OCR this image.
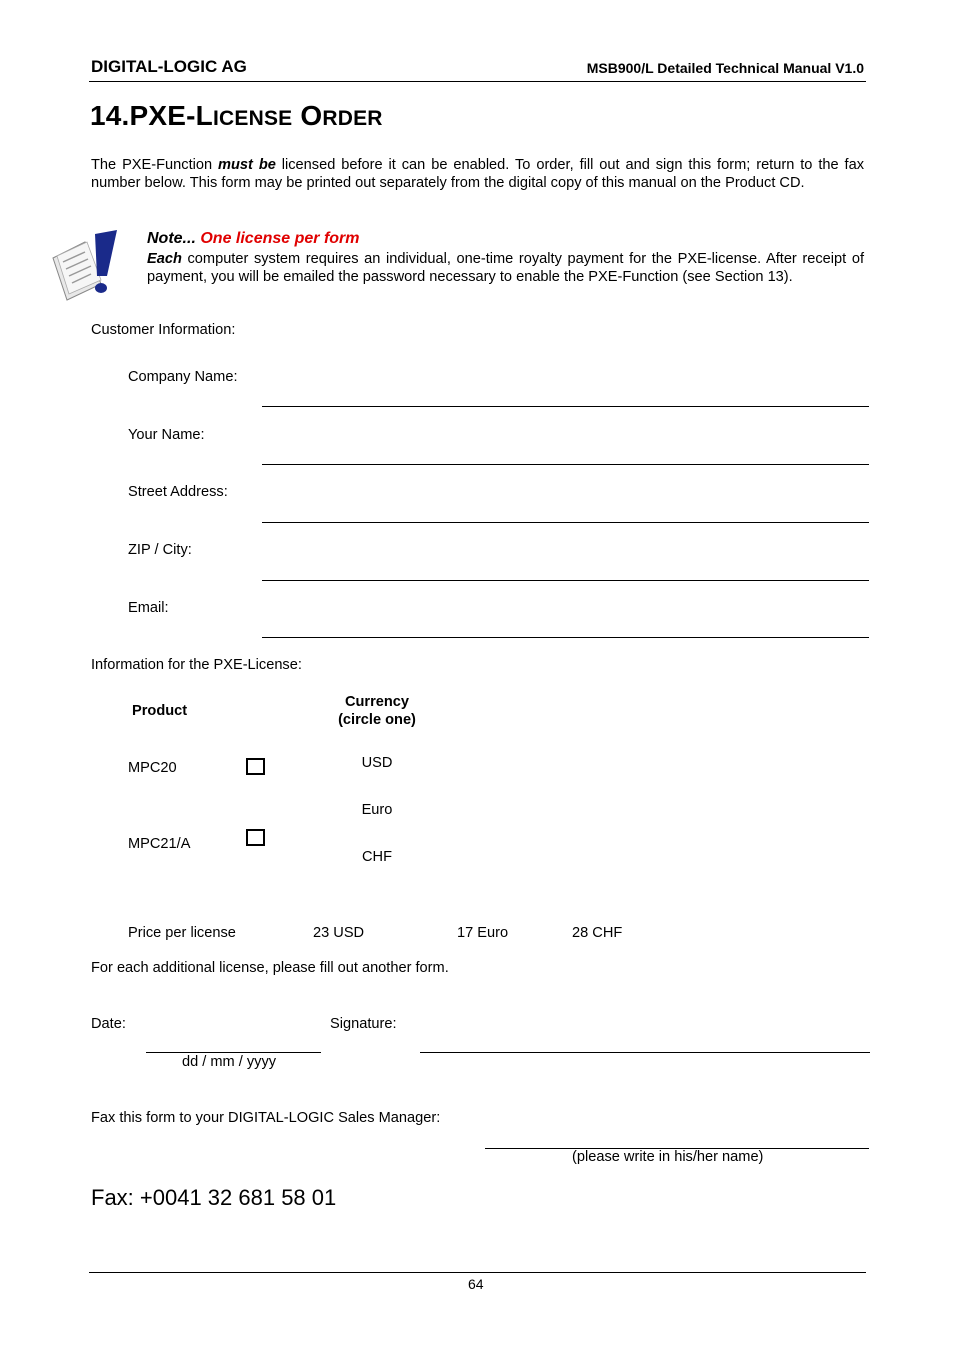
DIGITAL-LOGIC AG	MSB900/L Detailed Technical Manual V1.0
14.PXE-LICENSE ORDER
The PXE-Function must be licensed before it can be enabled. To order, fill out and sign this form; return to the fax number below. This form may be printed out separately from the digital copy of this manual on the Product CD.
Note... One license per form
Each computer system requires an individual, one-time royalty payment for the PXE-license. After receipt of payment, you will be emailed the password necessary to enable the PXE-Function (see Section 13).
Customer Information:
Company Name:
Your Name:
Street Address:
ZIP / City:
Email:
Information for the PXE-License:
Product
Currency
(circle one)
MPC20
MPC21/A
USD
Euro
CHF
Price per license	23 USD	17 Euro	28 CHF
For each additional license, please fill out another form.
Date:
dd / mm / yyyy
Signature:
Fax this form to your DIGITAL-LOGIC Sales Manager:
(please write in his/her name)
Fax: +0041 32 681 58 01
64
